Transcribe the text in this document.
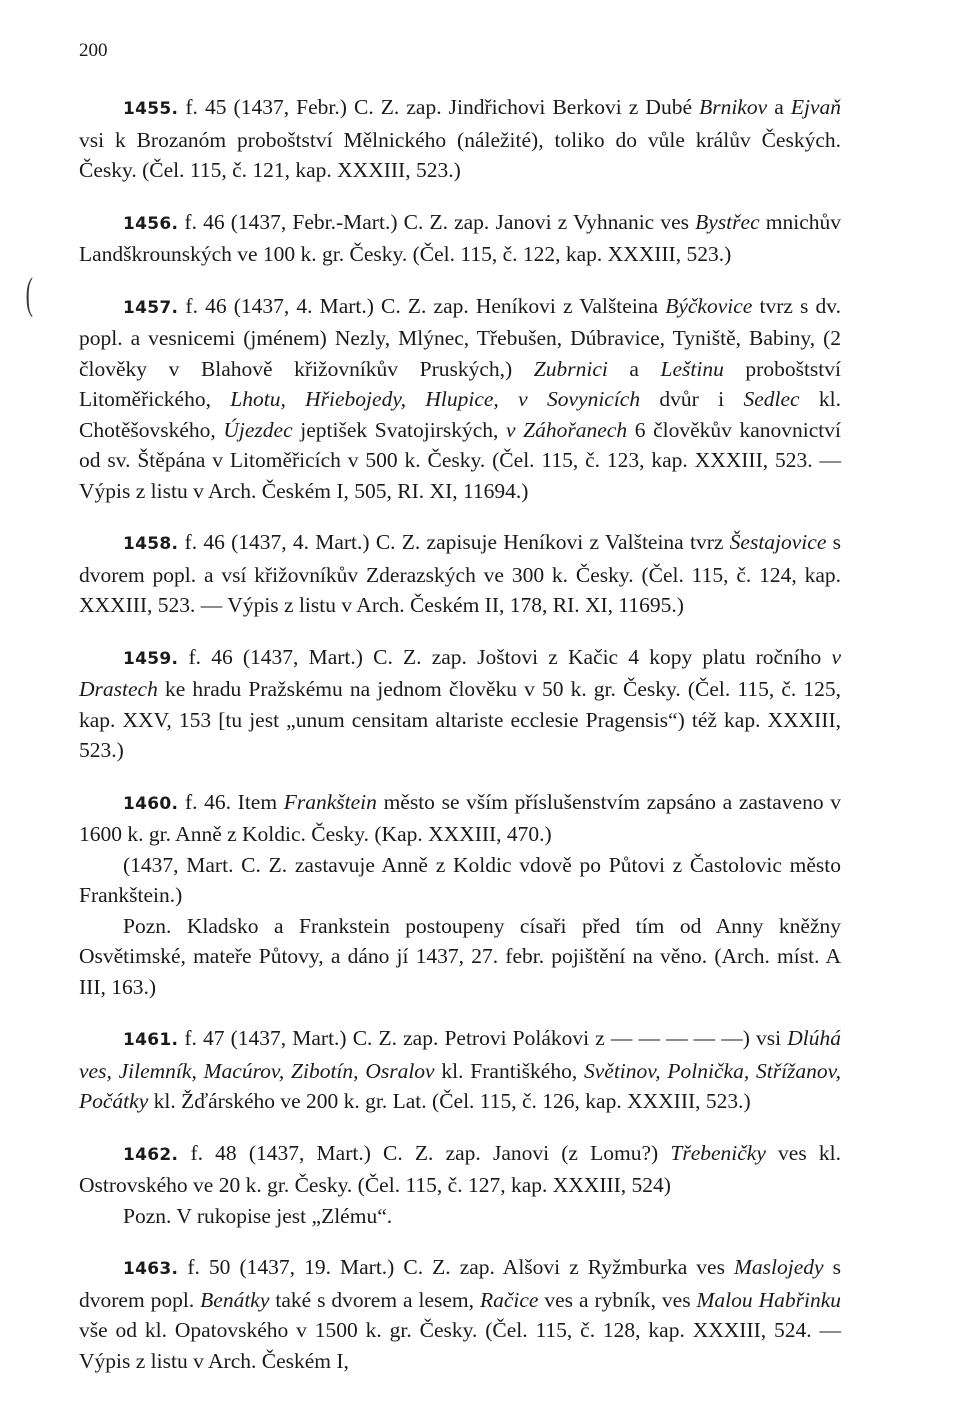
200
(

1455. f. 45 (1437, Febr.) C. Z. zap. Jindřichovi Berkovi z Dubé Brnikov a Ejvaň vsi k Brozanóm proboštství Mělnického (náležité), toliko do vůle králův Českých. Česky. (Čel. 115, č. 121, kap. XXXIII, 523.)

1456. f. 46 (1437, Febr.-Mart.) C. Z. zap. Janovi z Vyhnanic ves Bystřec mnichův Landškrounských ve 100 k. gr. Česky. (Čel. 115, č. 122, kap. XXXIII, 523.)

1457. f. 46 (1437, 4. Mart.) C. Z. zap. Heníkovi z Valšteina Býčkovice tvrz s dv. popl. a vesnicemi (jménem) Nezly, Mlýnec, Třebušen, Dúbravice, Tyniště, Babiny, (2 člověky v Blahově křižovníkův Pruských,) Zubrnici a Leštinu proboštství Litoměřického, Lhotu, Hřiebojedy, Hlupice, v Sovynicích dvůr i Sedlec kl. Chotěšovského, Újezdec jeptišek Svatojirských, v Záhořanech 6 člověkův kanovnictví od sv. Štěpána v Litoměřicích v 500 k. Česky. (Čel. 115, č. 123, kap. XXXIII, 523. — Výpis z listu v Arch. Českém I, 505, RI. XI, 11694.)

1458. f. 46 (1437, 4. Mart.) C. Z. zapisuje Heníkovi z Valšteina tvrz Šestajovice s dvorem popl. a vsí křižovníkův Zderazských ve 300 k. Česky. (Čel. 115, č. 124, kap. XXXIII, 523. — Výpis z listu v Arch. Českém II, 178, RI. XI, 11695.)

1459. f. 46 (1437, Mart.) C. Z. zap. Joštovi z Kačic 4 kopy platu ročního v Drastech ke hradu Pražskému na jednom člověku v 50 k. gr. Česky. (Čel. 115, č. 125, kap. XXV, 153 [tu jest „unum censitam altariste ecclesie Pragensis“) též kap. XXXIII, 523.)

1460. f. 46. Item Frankštein město se vším příslušenstvím zapsáno a zastaveno v 1600 k. gr. Anně z Koldic. Česky. (Kap. XXXIII, 470.)

(1437, Mart. C. Z. zastavuje Anně z Koldic vdově po Půtovi z Častolovic město Frankštein.)

Pozn. Kladsko a Frankstein postoupeny císaři před tím od Anny kněžny Osvětimské, mateře Půtovy, a dáno jí 1437, 27. febr. pojištění na věno. (Arch. míst. A III, 163.)

1461. f. 47 (1437, Mart.) C. Z. zap. Petrovi Polákovi z — — — — —) vsi Dlúhá ves, Jilemník, Macúrov, Zibotín, Osralov kl. Františkého, Světinov, Polnička, Střížanov, Počátky kl. Žďárského ve 200 k. gr. Lat. (Čel. 115, č. 126, kap. XXXIII, 523.)

1462. f. 48 (1437, Mart.) C. Z. zap. Janovi (z Lomu?) Třebeničky ves kl. Ostrovského ve 20 k. gr. Česky. (Čel. 115, č. 127, kap. XXXIII, 524)

Pozn. V rukopise jest „Zlému“.

1463. f. 50 (1437, 19. Mart.) C. Z. zap. Alšovi z Ryžmburka ves Maslojedy s dvorem popl. Benátky také s dvorem a lesem, Račice ves a rybník, ves Malou Habřinku vše od kl. Opatovského v 1500 k. gr. Česky. (Čel. 115, č. 128, kap. XXXIII, 524. — Výpis z listu v Arch. Českém I,
